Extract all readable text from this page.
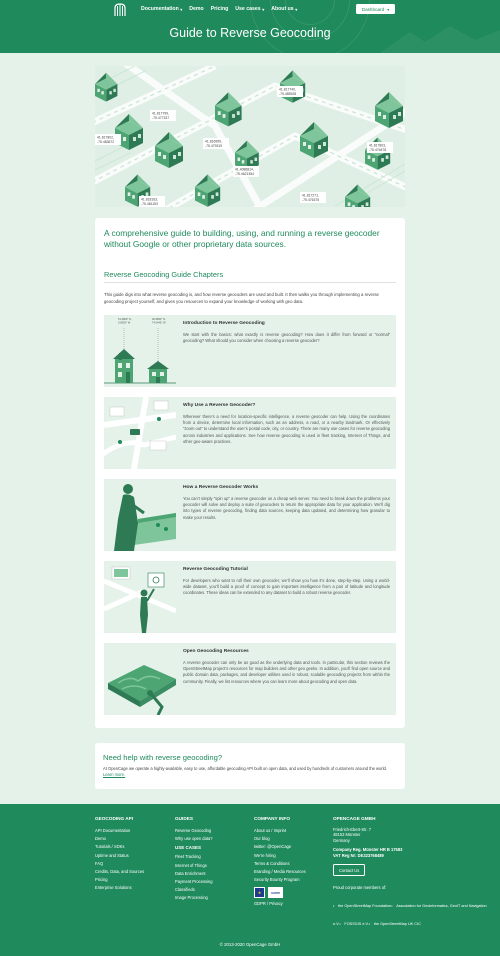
Documentation ▾ Demo Pricing Use cases ▾ About us ▾	Dashboard ▾
Guide to Reverse Geocoding
41.817740,
-75.485928
41.817799,
-75.477337
41.817802,
-75.483672	41.816959,
-75.479319
41.4086814,
-75.4621354
41.817803,
-75.476478
41.818163,
-75.481153
41.817271,
-75.476375
A comprehensive guide to building, using, and running a reverse geocoder without Google or other proprietary data sources.
Reverse Geocoding Guide Chapters
This guide digs into what reverse geocoding is, and how reverse geocoders are used and built. It then walks you through implementing a reverse geocoding project yourself, and gives you resources to expand your knowledge of working with geo data.
51.4800° N,
0.0059° W
40.6892° N,
74.0445° W	Introduction to Reverse Geocoding
We start with the basics: what exactly is reverse geocoding? How does it differ from forward or “normal” geocoding? What should you consider when choosing a reverse geocoder?
Why Use a Reverse Geocoder?
Wherever there’s a need for location-specific intelligence, a reverse geocoder can help. Using the coordinates from a device, determine local information, such as an address, a road, or a nearby landmark. Or effectively “zoom out” to understand the user’s postal code, city, or country. There are many use cases for reverse geocoding across industries and applications. See how reverse geocoding is used in fleet tracking, Internet of Things, and other geo-aware practices.
How a Reverse Geocoder Works
You can’t simply “spin up” a reverse geocoder on a cheap web server. You need to break down the problems your geocoder will solve and deploy a suite of geocoders to return the appropriate data for your application. We’ll dig into types of reverse geocoding, finding data sources, keeping data updated, and determining how granular to make your results.
Reverse Geocoding Tutorial
For developers who want to roll their own geocoder, we’ll show you how it’s done, step-by-step. Using a world-wide dataset, you’ll build a proof of concept to gain important intelligence from a pair of latitude and longitude coordinates. These ideas can be extended to any dataset to build a robust reverse geocoder.
Open Geocoding Resources
A reverse geocoder can only be as good as the underlying data and tools. In particular, this section reviews the OpenStreetMap project’s resources for map builders and other geo geeks. In addition, you’ll find open source and public domain data, packages, and developer utilities used in robust, scalable geocoding projects from within the community. Finally, we list resources where you can learn more about geocoding and open data.
Need help with reverse geocoding?
At OpenCage we operate a highly-available, easy to use, affordable geocoding API built on open data, and used by hundreds of customers around the world. Learn more.
GEOCODING API
API Documentation
Demo
Tutorials / SDKs
Uptime and Status
FAQ
Credits, Data, and Sources
Pricing
Enterprise Solutions
GUIDES
Reverse Geocoding
Why use open data?
USE CASES
Fleet Tracking
Internet of Things
Data Enrichment
Payment Processing
Classifieds
Image Processing
COMPANY INFO
About us / Imprint
Our blog
twitter: @OpenCage
We're hiring
Terms & Conditions
Branding / Media Resources
Security Bounty Program
★	GDPR
GDPR / Privacy
OPENCAGE GMBH
Friedrich-Ebert-Str. 7
48153 Münster
Germany
Company Reg. Münster HR B 17583
VAT Reg Nr: DE323768489
Contact Us
Proud corporate members of:
• the OpenStreetMap Foundation • Association for Geoinformatics, GeoIT and Navigation e.V. • FOSSGIS e.V. • the OpenStreetMap UK CIC
© 2013-2020 OpenCage GmbH
